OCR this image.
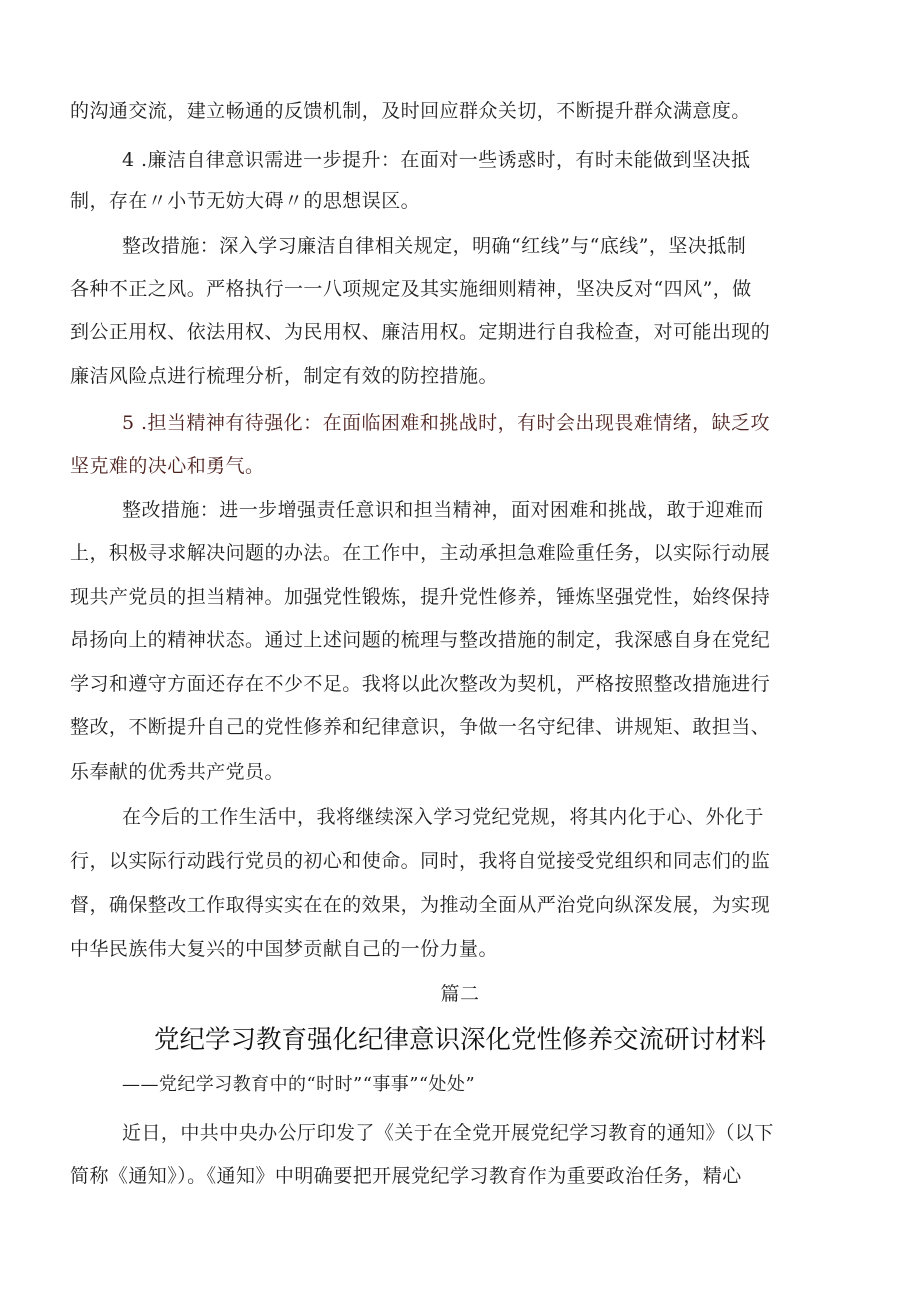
的沟通交流，建立畅通的反馈机制，及时回应群众关切，不断提升群众满意度。
4 .廉洁自律意识需进一步提升：在面对一些诱惑时，有时未能做到坚决抵
制，存在〃小节无妨大碍〃的思想误区。
整改措施：深入学习廉洁自律相关规定，明确“红线”与“底线”，坚决抵制
各种不正之风。严格执行一一八项规定及其实施细则精神，坚决反对“四风”，做
到公正用权、依法用权、为民用权、廉洁用权。定期进行自我检查，对可能出现的
廉洁风险点进行梳理分析，制定有效的防控措施。
5 .担当精神有待强化：在面临困难和挑战时，有时会出现畏难情绪，缺乏攻
坚克难的决心和勇气。
整改措施：进一步增强责任意识和担当精神，面对困难和挑战，敢于迎难而
上，积极寻求解决问题的办法。在工作中，主动承担急难险重任务，以实际行动展
现共产党员的担当精神。加强党性锻炼，提升党性修养，锤炼坚强党性，始终保持
昂扬向上的精神状态。通过上述问题的梳理与整改措施的制定，我深感自身在党纪
学习和遵守方面还存在不少不足。我将以此次整改为契机，严格按照整改措施进行
整改，不断提升自己的党性修养和纪律意识，争做一名守纪律、讲规矩、敢担当、
乐奉献的优秀共产党员。
在今后的工作生活中，我将继续深入学习党纪党规，将其内化于心、外化于
行，以实际行动践行党员的初心和使命。同时，我将自觉接受党组织和同志们的监
督，确保整改工作取得实实在在的效果，为推动全面从严治党向纵深发展，为实现
中华民族伟大复兴的中国梦贡献自己的一份力量。
篇二
党纪学习教育强化纪律意识深化党性修养交流研讨材料
——党纪学习教育中的“时时”“事事”“处处”
近日，中共中央办公厅印发了《关于在全党开展党纪学习教育的通知》（以下
简称《通知》）。《通知》中明确要把开展党纪学习教育作为重要政治任务，精心
